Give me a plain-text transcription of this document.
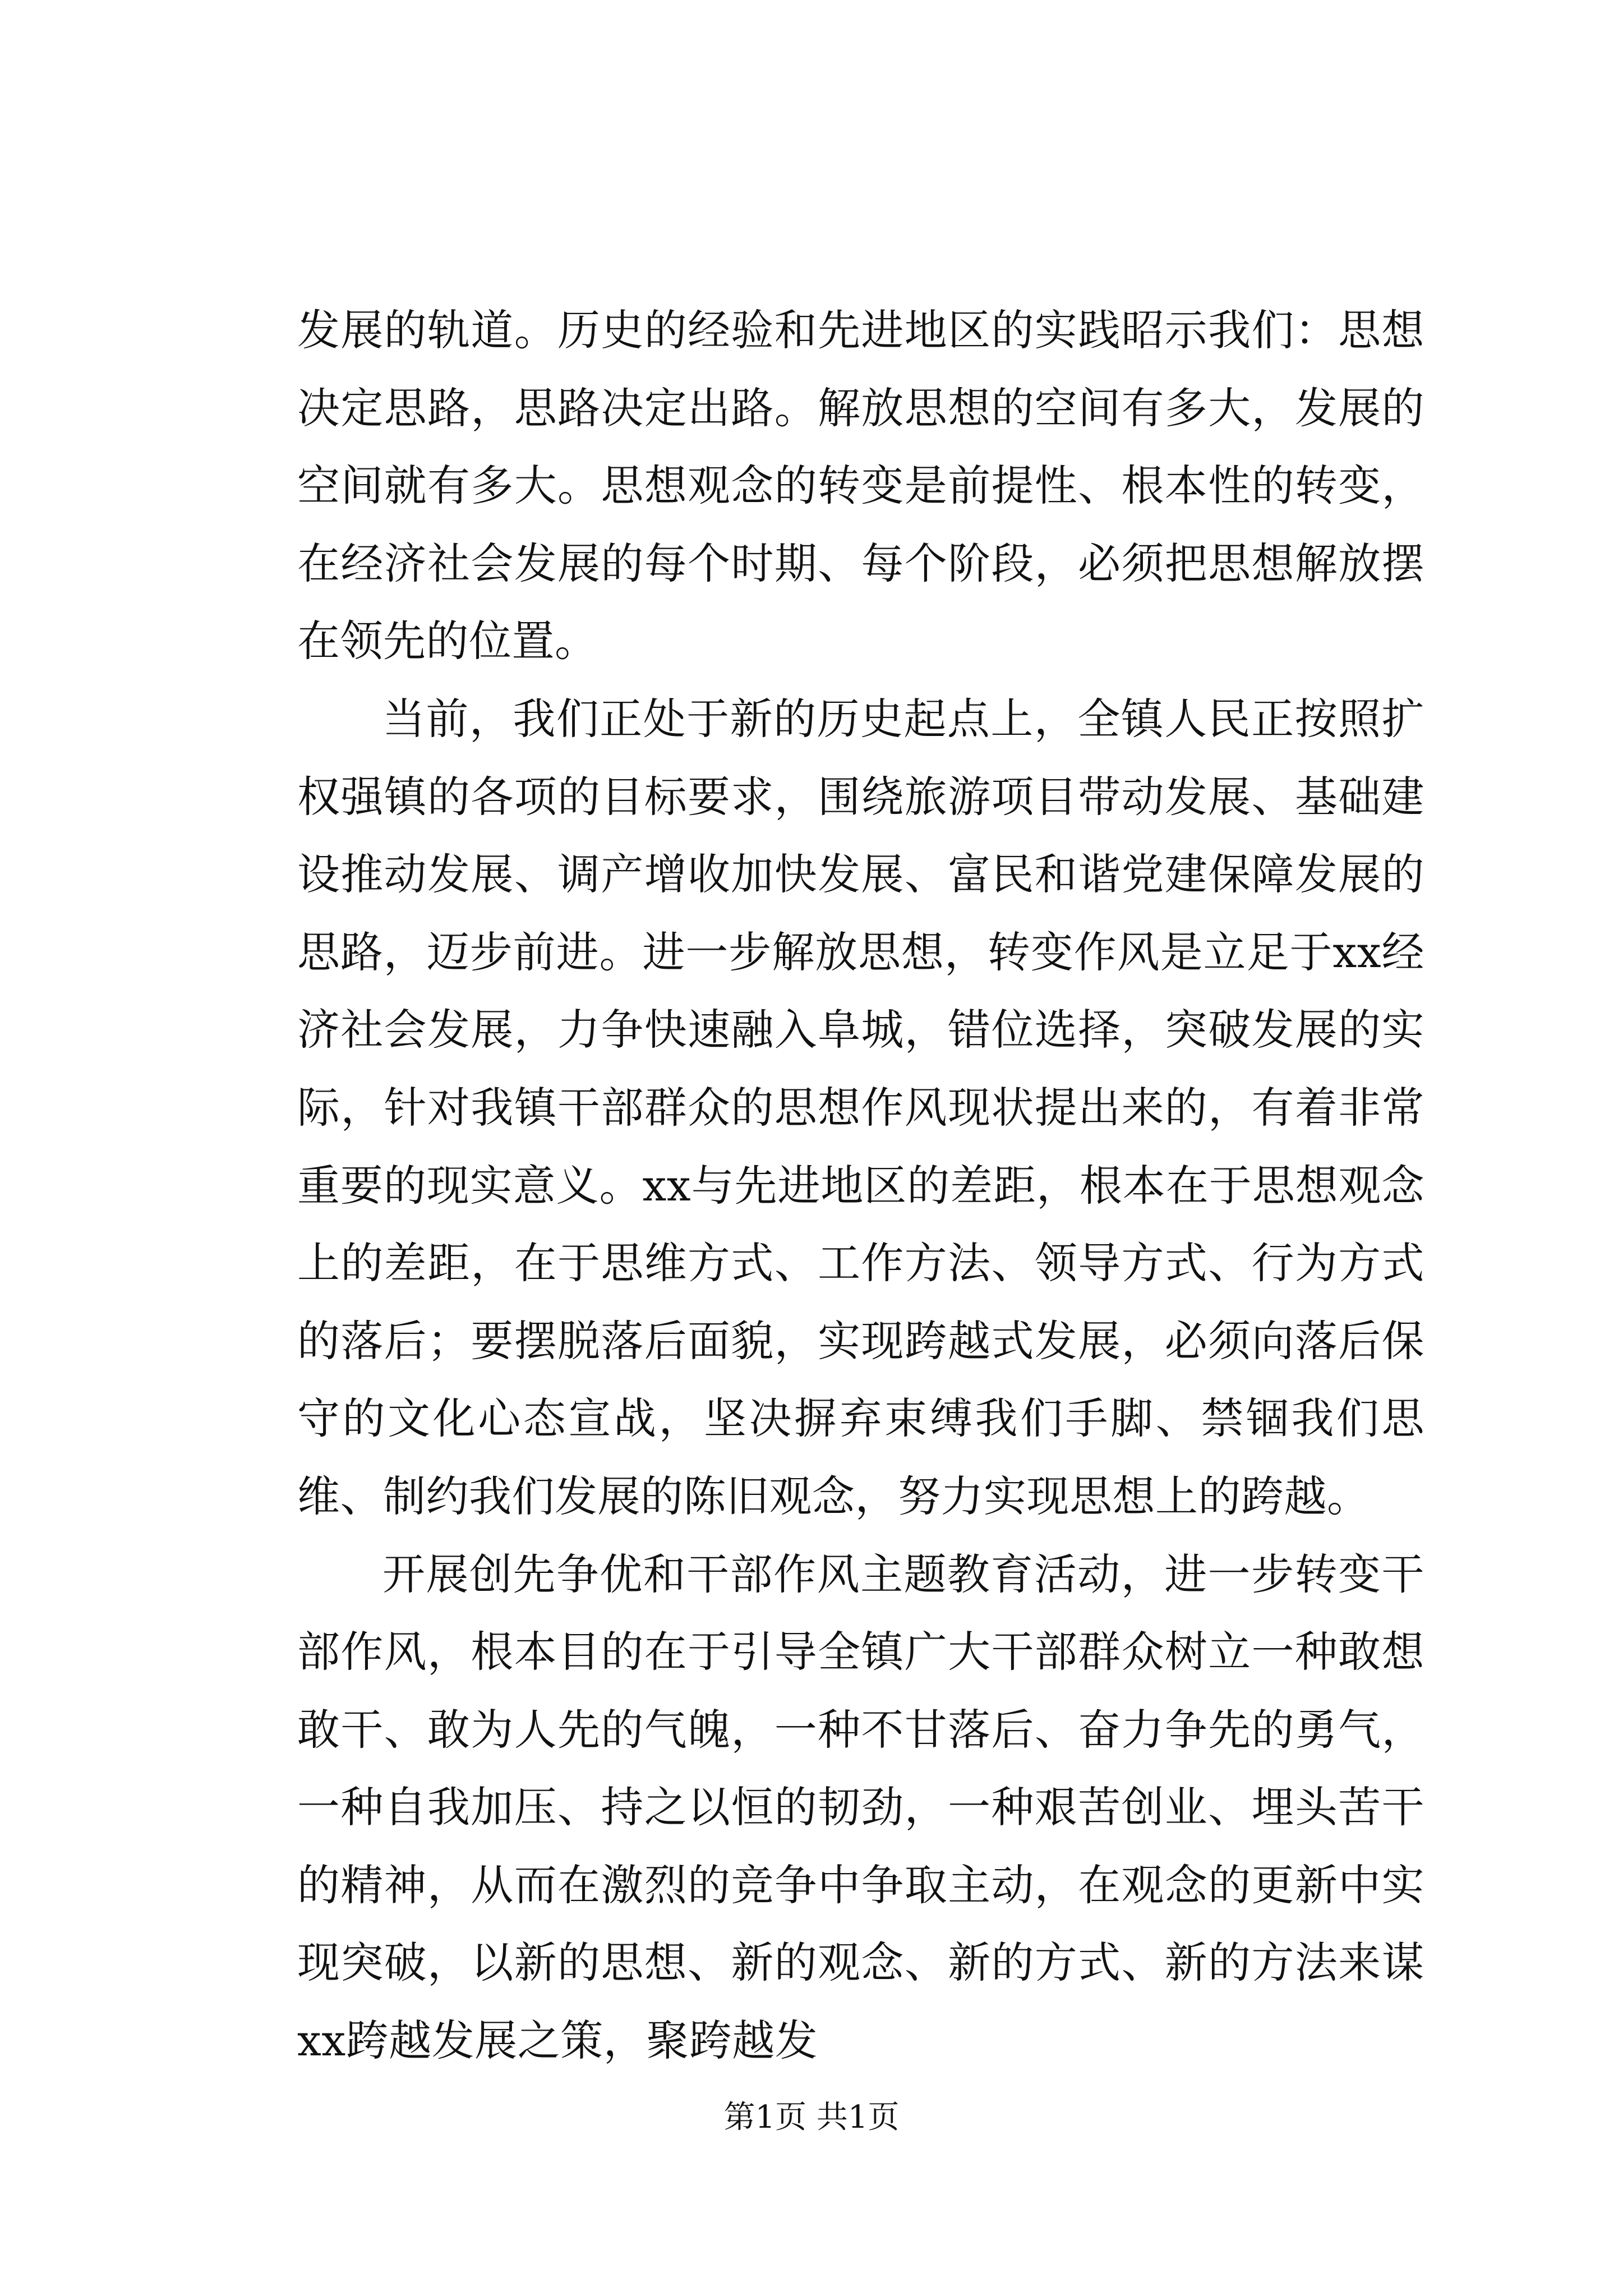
发展的轨道。历史的经验和先进地区的实践昭示我们：思想决定思路，思路决定出路。解放思想的空间有多大，发展的空间就有多大。思想观念的转变是前提性、根本性的转变，在经济社会发展的每个时期、每个阶段，必须把思想解放摆在领先的位置。

当前，我们正处于新的历史起点上，全镇人民正按照扩权强镇的各项的目标要求，围绕旅游项目带动发展、基础建设推动发展、调产增收加快发展、富民和谐党建保障发展的思路，迈步前进。进一步解放思想，转变作风是立足于xx经济社会发展，力争快速融入阜城，错位选择，突破发展的实际，针对我镇干部群众的思想作风现状提出来的，有着非常重要的现实意义。xx与先进地区的差距，根本在于思想观念上的差距，在于思维方式、工作方法、领导方式、行为方式的落后；要摆脱落后面貌，实现跨越式发展，必须向落后保守的文化心态宣战，坚决摒弃束缚我们手脚、禁锢我们思维、制约我们发展的陈旧观念，努力实现思想上的跨越。

开展创先争优和干部作风主题教育活动，进一步转变干部作风，根本目的在于引导全镇广大干部群众树立一种敢想敢干、敢为人先的气魄，一种不甘落后、奋力争先的勇气，一种自我加压、持之以恒的韧劲，一种艰苦创业、埋头苦干的精神，从而在激烈的竞争中争取主动，在观念的更新中实现突破，以新的思想、新的观念、新的方式、新的方法来谋xx跨越发展之策，聚跨越发

第1页 共1页
